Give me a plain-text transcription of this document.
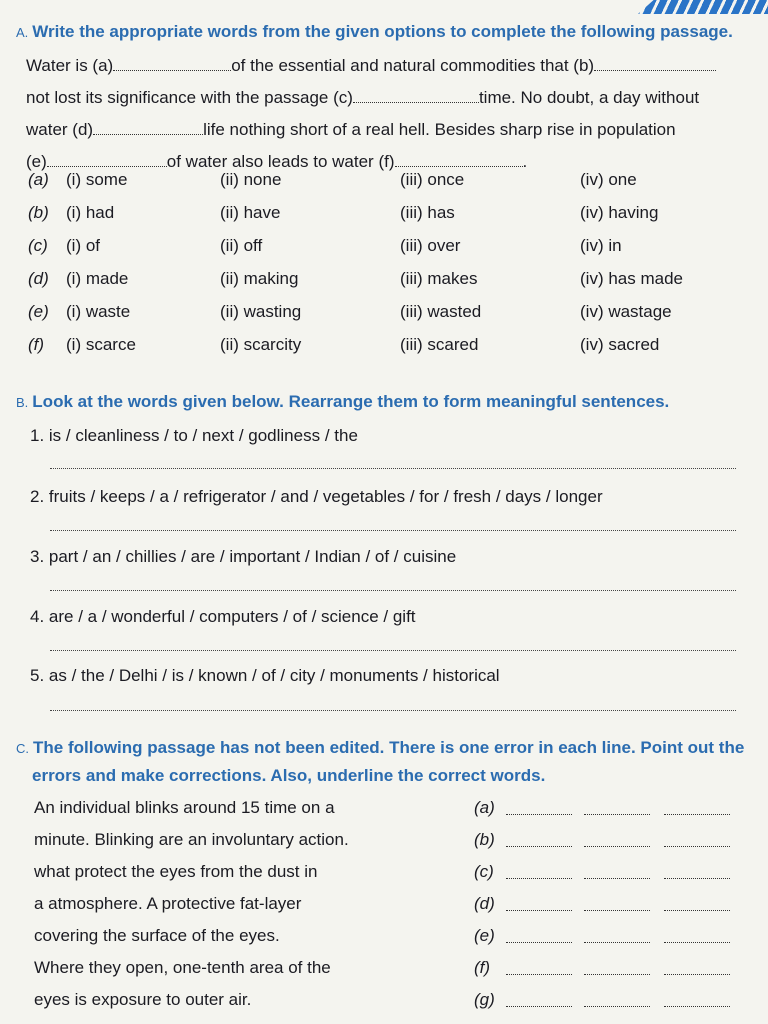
A. Write the appropriate words from the given options to complete the following passage.
Water is (a)	of the essential and natural commodities that (b)
not lost its significance with the passage (c)	time. No doubt, a day without
water (d)	life nothing short of a real hell. Besides sharp rise in population
(e)	of water also leads to water (f)	.
(a) (i) some	(ii) none	(iii) once	(iv) one
(b) (i) had	(ii) have	(iii) has	(iv) having
(c) (i) of	(ii) off	(iii) over	(iv) in
(d) (i) made	(ii) making	(iii) makes	(iv) has made
(e) (i) waste	(ii) wasting	(iii) wasted	(iv) wastage
(f) (i) scarce	(ii) scarcity	(iii) scared	(iv) sacred
B. Look at the words given below. Rearrange them to form meaningful sentences.
1. is / cleanliness / to / next / godliness / the
2. fruits / keeps / a / refrigerator / and / vegetables / for / fresh / days / longer
3. part / an / chillies / are / important / Indian / of / cuisine
4. are / a / wonderful / computers / of / science / gift
5. as / the / Delhi / is / known / of / city / monuments / historical
C. The following passage has not been edited. There is one error in each line. Point out the
errors and make corrections. Also, underline the correct words.
An individual blinks around 15 time on a	(a)
minute. Blinking are an involuntary action.	(b)
what protect the eyes from the dust in	(c)
a atmosphere. A protective fat-layer	(d)
covering the surface of the eyes.	(e)
Where they open, one-tenth area of the	(f)
eyes is exposure to outer air.	(g)
